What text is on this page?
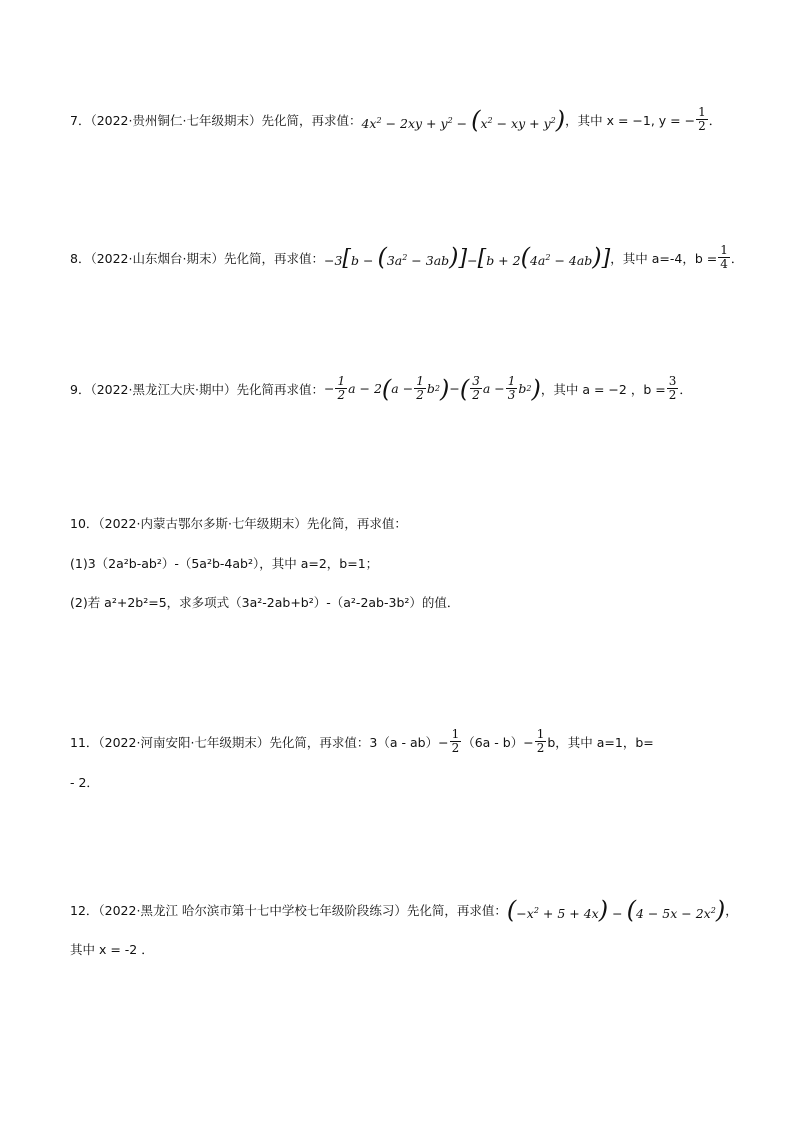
7．（2022·贵州铜仁·七年级期末）先化简，再求值： $4x^2 - 2xy + y^2 - (x^2$ − xy + $y^2$) ，其中 x = −1, y = − $\frac{1}{2}$ ．
8．（2022·山东烟台·期末）先化简，再求值： $-3[b - (3a^2 - 3ab)]-[b + 2(4a^2 - 4ab)]$ ，其中 a=-4，$b = \frac{1}{4}$ ．
9．（2022·黑龙江大庆·期中）先化简再求值： − $\frac{1}{2}$ a − 2 ( $a - \frac{1}{2}$ b 2 ) − ( $\frac{3}{2}$ $a - \frac{1}{3}$ b 2 ) ，其中 a = −2 ，$b = \frac{3}{2}$ ．
10．（2022·内蒙古鄂尔多斯·七年级期末）先化简，再求值：
(1)3（2a²b-ab²）-（5a²b-4ab²），其中 a=2，b=1；
(2)若 a²+2b²=5，求多项式（3a²-2ab+b²）-（a²-2ab-3b²）的值．
11．（2022·河南安阳·七年级期末）先化简，再求值：$3(a - ab)- \frac{1}{2} (6a - b)- \frac{1}{2}$ b，其中 a=1，b=
- 2．
12．（2022·黑龙江 哈尔滨市第十七中学校七年级阶段练习）先化简，再求值： $(-x^2 + 5 + 4x) - (4 - 5x - 2x^2)$ ，
其中 x = -2 ．
